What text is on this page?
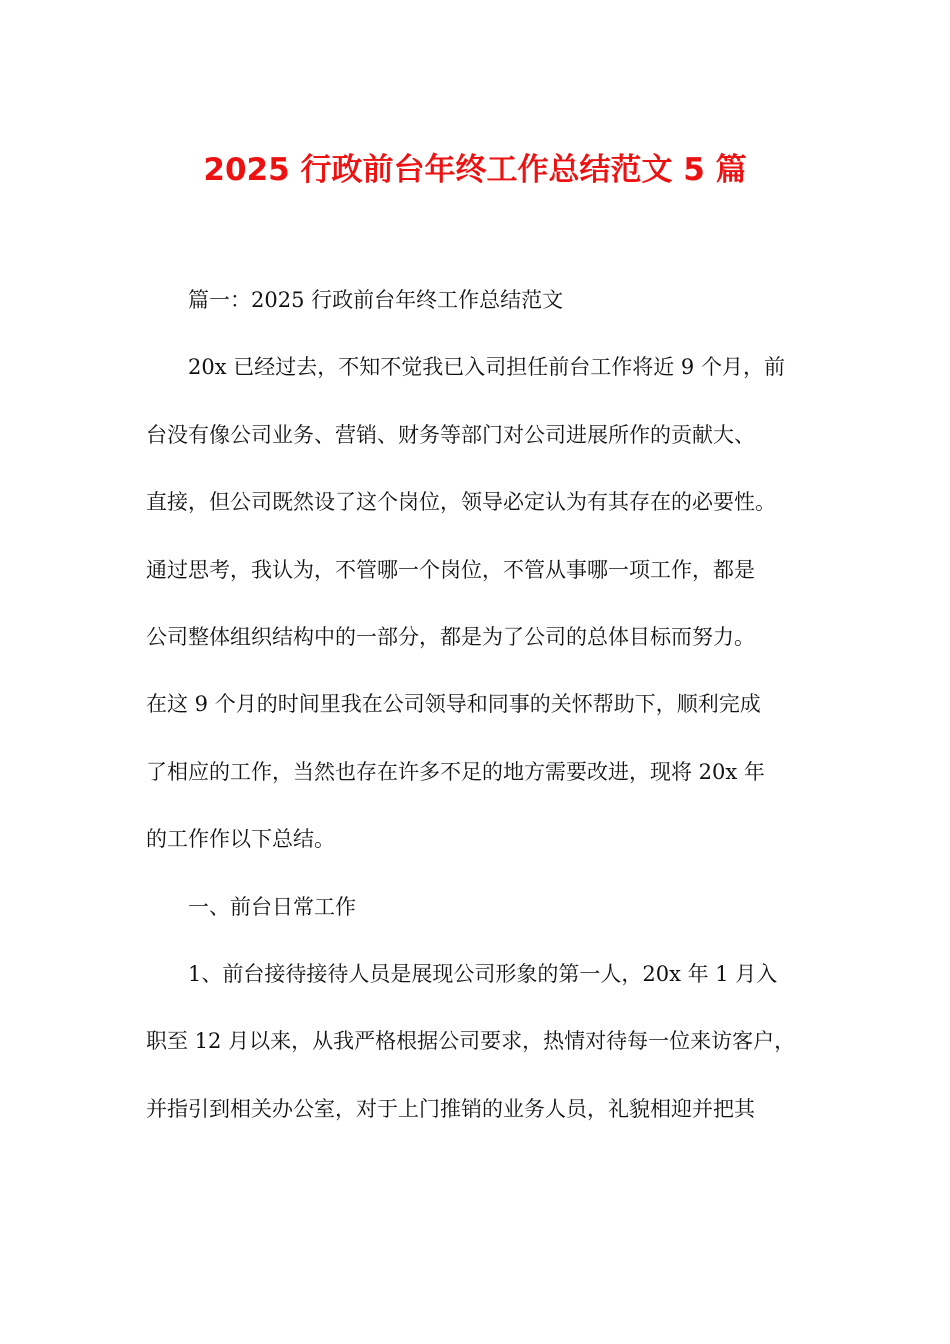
2025 行政前台年终工作总结范文 5 篇
篇一：2025 行政前台年终工作总结范文
20x 已经过去，不知不觉我已入司担任前台工作将近 9 个月，前
台没有像公司业务、营销、财务等部门对公司进展所作的贡献大、
直接，但公司既然设了这个岗位，领导必定认为有其存在的必要性。
通过思考，我认为，不管哪一个岗位，不管从事哪一项工作，都是
公司整体组织结构中的一部分，都是为了公司的总体目标而努力。
在这 9 个月的时间里我在公司领导和同事的关怀帮助下，顺利完成
了相应的工作，当然也存在许多不足的地方需要改进，现将 20x 年
的工作作以下总结。
一、前台日常工作
1、前台接待接待人员是展现公司形象的第一人，20x 年 1 月入
职至 12 月以来，从我严格根据公司要求，热情对待每一位来访客户，
并指引到相关办公室，对于上门推销的业务人员，礼貌相迎并把其
